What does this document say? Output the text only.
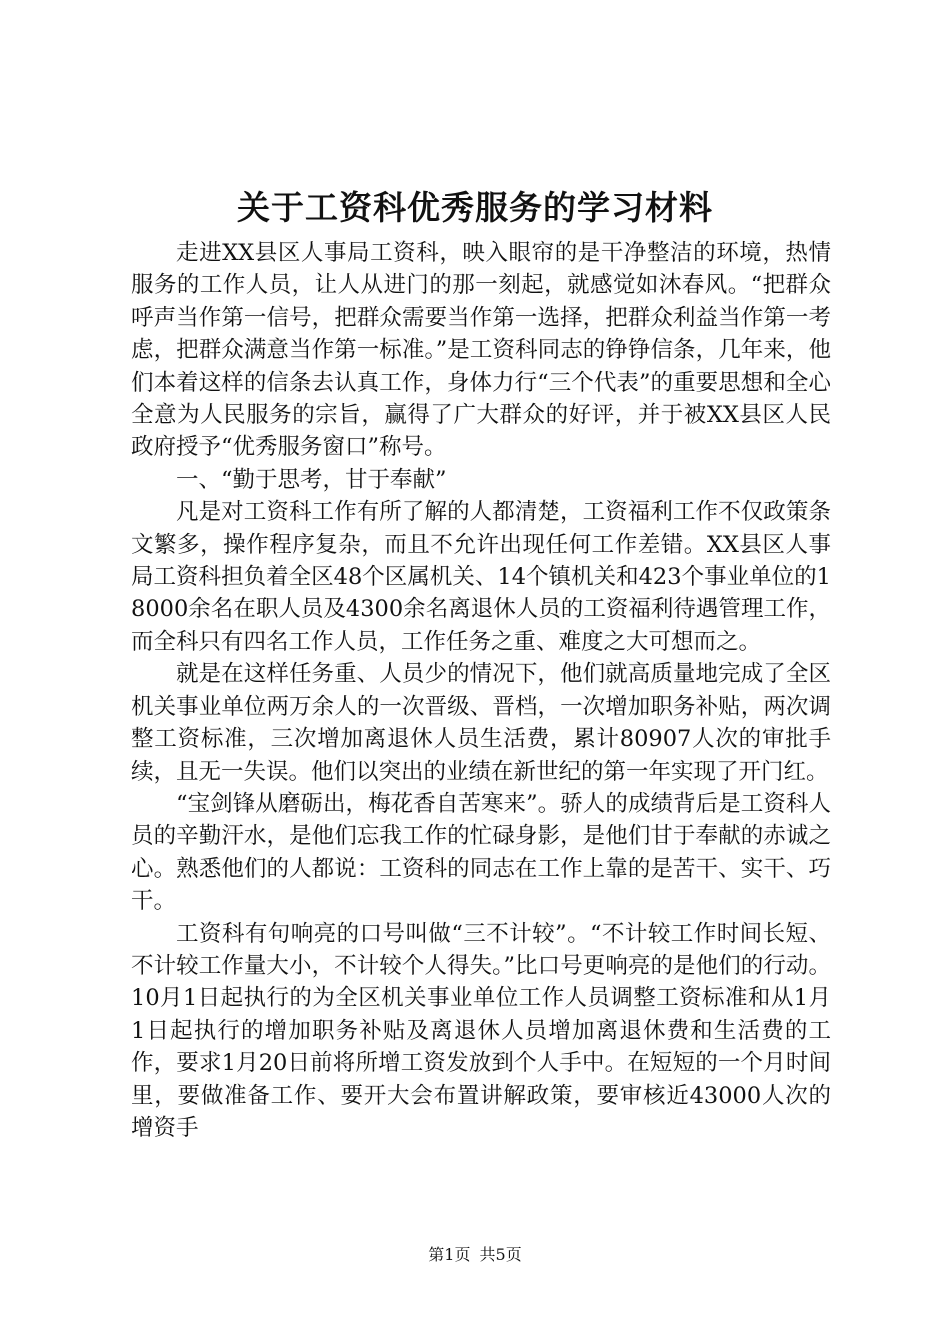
关于工资科优秀服务的学习材料

走进XX县区人事局工资科，映入眼帘的是干净整洁的环境，热情服务的工作人员，让人从进门的那一刻起，就感觉如沐春风。“把群众呼声当作第一信号，把群众需要当作第一选择，把群众利益当作第一考虑，把群众满意当作第一标准。”是工资科同志的铮铮信条，几年来，他们本着这样的信条去认真工作，身体力行“三个代表”的重要思想和全心全意为人民服务的宗旨，赢得了广大群众的好评，并于被XX县区人民政府授予“优秀服务窗口”称号。

一、“勤于思考，甘于奉献”

凡是对工资科工作有所了解的人都清楚，工资福利工作不仅政策条文繁多，操作程序复杂，而且不允许出现任何工作差错。XX县区人事局工资科担负着全区48个区属机关、14个镇机关和423个事业单位的18000余名在职人员及4300余名离退休人员的工资福利待遇管理工作，而全科只有四名工作人员，工作任务之重、难度之大可想而之。

就是在这样任务重、人员少的情况下，他们就高质量地完成了全区机关事业单位两万余人的一次晋级、晋档，一次增加职务补贴，两次调整工资标准，三次增加离退休人员生活费，累计80907人次的审批手续，且无一失误。他们以突出的业绩在新世纪的第一年实现了开门红。

“宝剑锋从磨砺出，梅花香自苦寒来”。骄人的成绩背后是工资科人员的辛勤汗水，是他们忘我工作的忙碌身影，是他们甘于奉献的赤诚之心。熟悉他们的人都说：工资科的同志在工作上靠的是苦干、实干、巧干。

工资科有句响亮的口号叫做“三不计较”。“不计较工作时间长短、不计较工作量大小，不计较个人得失。”比口号更响亮的是他们的行动。10月1日起执行的为全区机关事业单位工作人员调整工资标准和从1月1日起执行的增加职务补贴及离退休人员增加离退休费和生活费的工作，要求1月20日前将所增工资发放到个人手中。在短短的一个月时间里，要做准备工作、要开大会布置讲解政策，要审核近43000人次的增资手

第1页 共5页
